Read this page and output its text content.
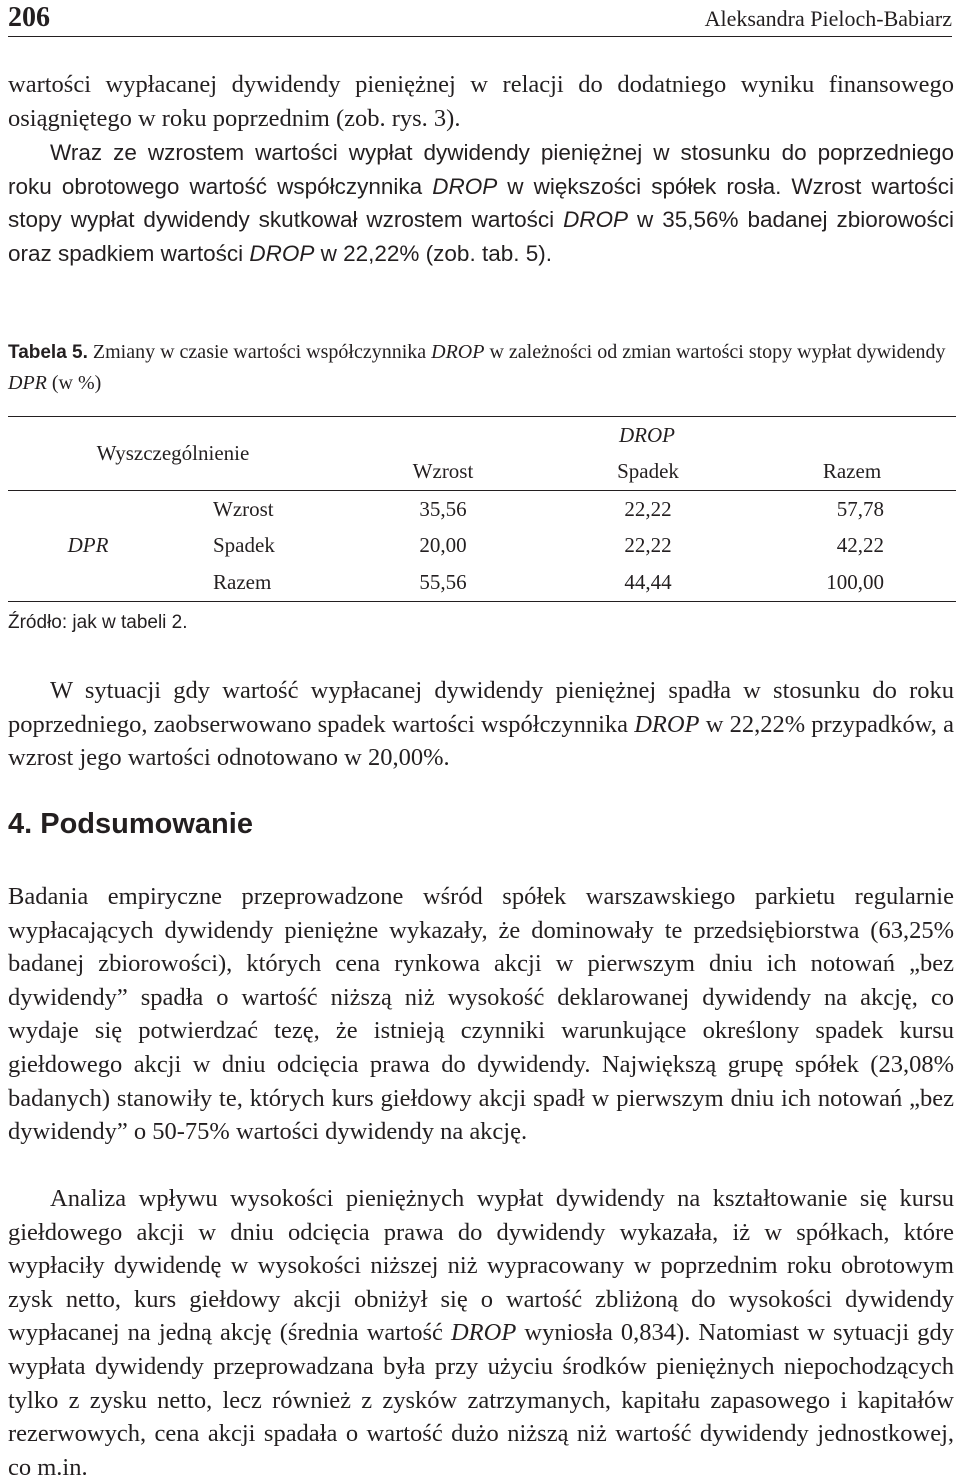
206	Aleksandra Pieloch-Babiarz

wartości wypłacanej dywidendy pieniężnej w relacji do dodatniego wyniku finansowego osiągniętego w roku poprzednim (zob. rys. 3).

Wraz ze wzrostem wartości wypłat dywidendy pieniężnej w stosunku do poprzedniego roku obrotowego wartość współczynnika DROP w większości spółek rosła. Wzrost wartości stopy wypłat dywidendy skutkował wzrostem wartości DROP w 35,56% badanej zbiorowości oraz spadkiem wartości DROP w 22,22% (zob. tab. 5).

Tabela 5. Zmiany w czasie wartości współczynnika DROP w zależności od zmian wartości stopy wypłat dywidendy DPR (w %)

Wyszczególnienie		DROP		
		Wzrost	Spadek	Razem
DPR	Wzrost	35,56	22,22	57,78
	Spadek	20,00	22,22	42,22
	Razem	55,56	44,44	100,00
Źródło: jak w tabeli 2.

W sytuacji gdy wartość wypłacanej dywidendy pieniężnej spadła w stosunku do roku poprzedniego, zaobserwowano spadek wartości współczynnika DROP w 22,22% przypadków, a wzrost jego wartości odnotowano w 20,00%.

4. Podsumowanie

Badania empiryczne przeprowadzone wśród spółek warszawskiego parkietu regularnie wypłacających dywidendy pieniężne wykazały, że dominowały te przedsiębiorstwa (63,25% badanej zbiorowości), których cena rynkowa akcji w pierwszym dniu ich notowań „bez dywidendy” spadła o wartość niższą niż wysokość deklarowanej dywidendy na akcję, co wydaje się potwierdzać tezę, że istnieją czynniki warunkujące określony spadek kursu giełdowego akcji w dniu odcięcia prawa do dywidendy. Największą grupę spółek (23,08% badanych) stanowiły te, których kurs giełdowy akcji spadł w pierwszym dniu ich notowań „bez dywidendy” o 50-75% wartości dywidendy na akcję.

Analiza wpływu wysokości pieniężnych wypłat dywidendy na kształtowanie się kursu giełdowego akcji w dniu odcięcia prawa do dywidendy wykazała, iż w spółkach, które wypłaciły dywidendę w wysokości niższej niż wypracowany w poprzednim roku obrotowym zysk netto, kurs giełdowy akcji obniżył się o wartość zbliżoną do wysokości dywidendy wypłacanej na jedną akcję (średnia wartość DROP wyniosła 0,834). Natomiast w sytuacji gdy wypłata dywidendy przeprowadzana była przy użyciu środków pieniężnych niepochodzących tylko z zysku netto, lecz również z zysków zatrzymanych, kapitału zapasowego i kapitałów rezerwowych, cena akcji spadała o wartość dużo niższą niż wartość dywidendy jednostkowej, co m.in.
